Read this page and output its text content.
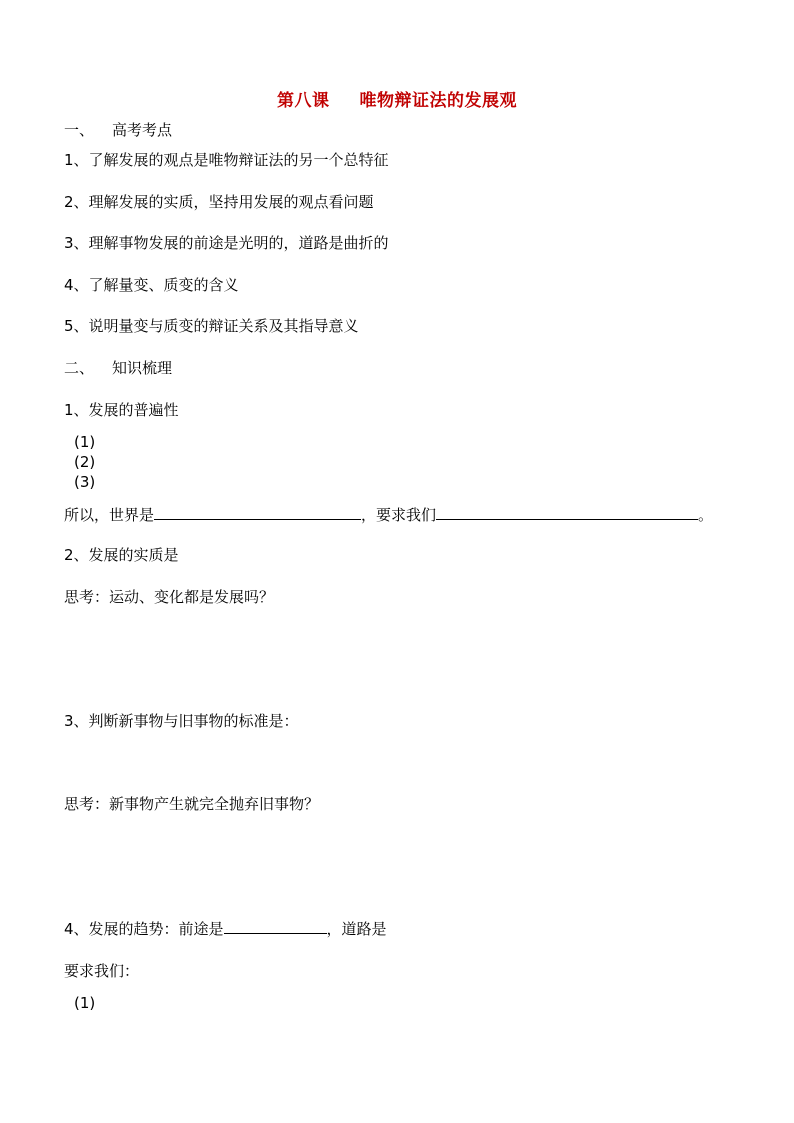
第八课 唯物辩证法的发展观
一、 高考考点
1、了解发展的观点是唯物辩证法的另一个总特征
2、理解发展的实质，坚持用发展的观点看问题
3、理解事物发展的前途是光明的，道路是曲折的
4、了解量变、质变的含义
5、说明量变与质变的辩证关系及其指导意义
二、 知识梳理
1、发展的普遍性
(1)
(2)
(3)
所以，世界是	，要求我们	。
2、发展的实质是
思考：运动、变化都是发展吗？
3、判断新事物与旧事物的标准是：
思考：新事物产生就完全抛弃旧事物？
4、发展的趋势：前途是	，道路是
要求我们：
(1)
